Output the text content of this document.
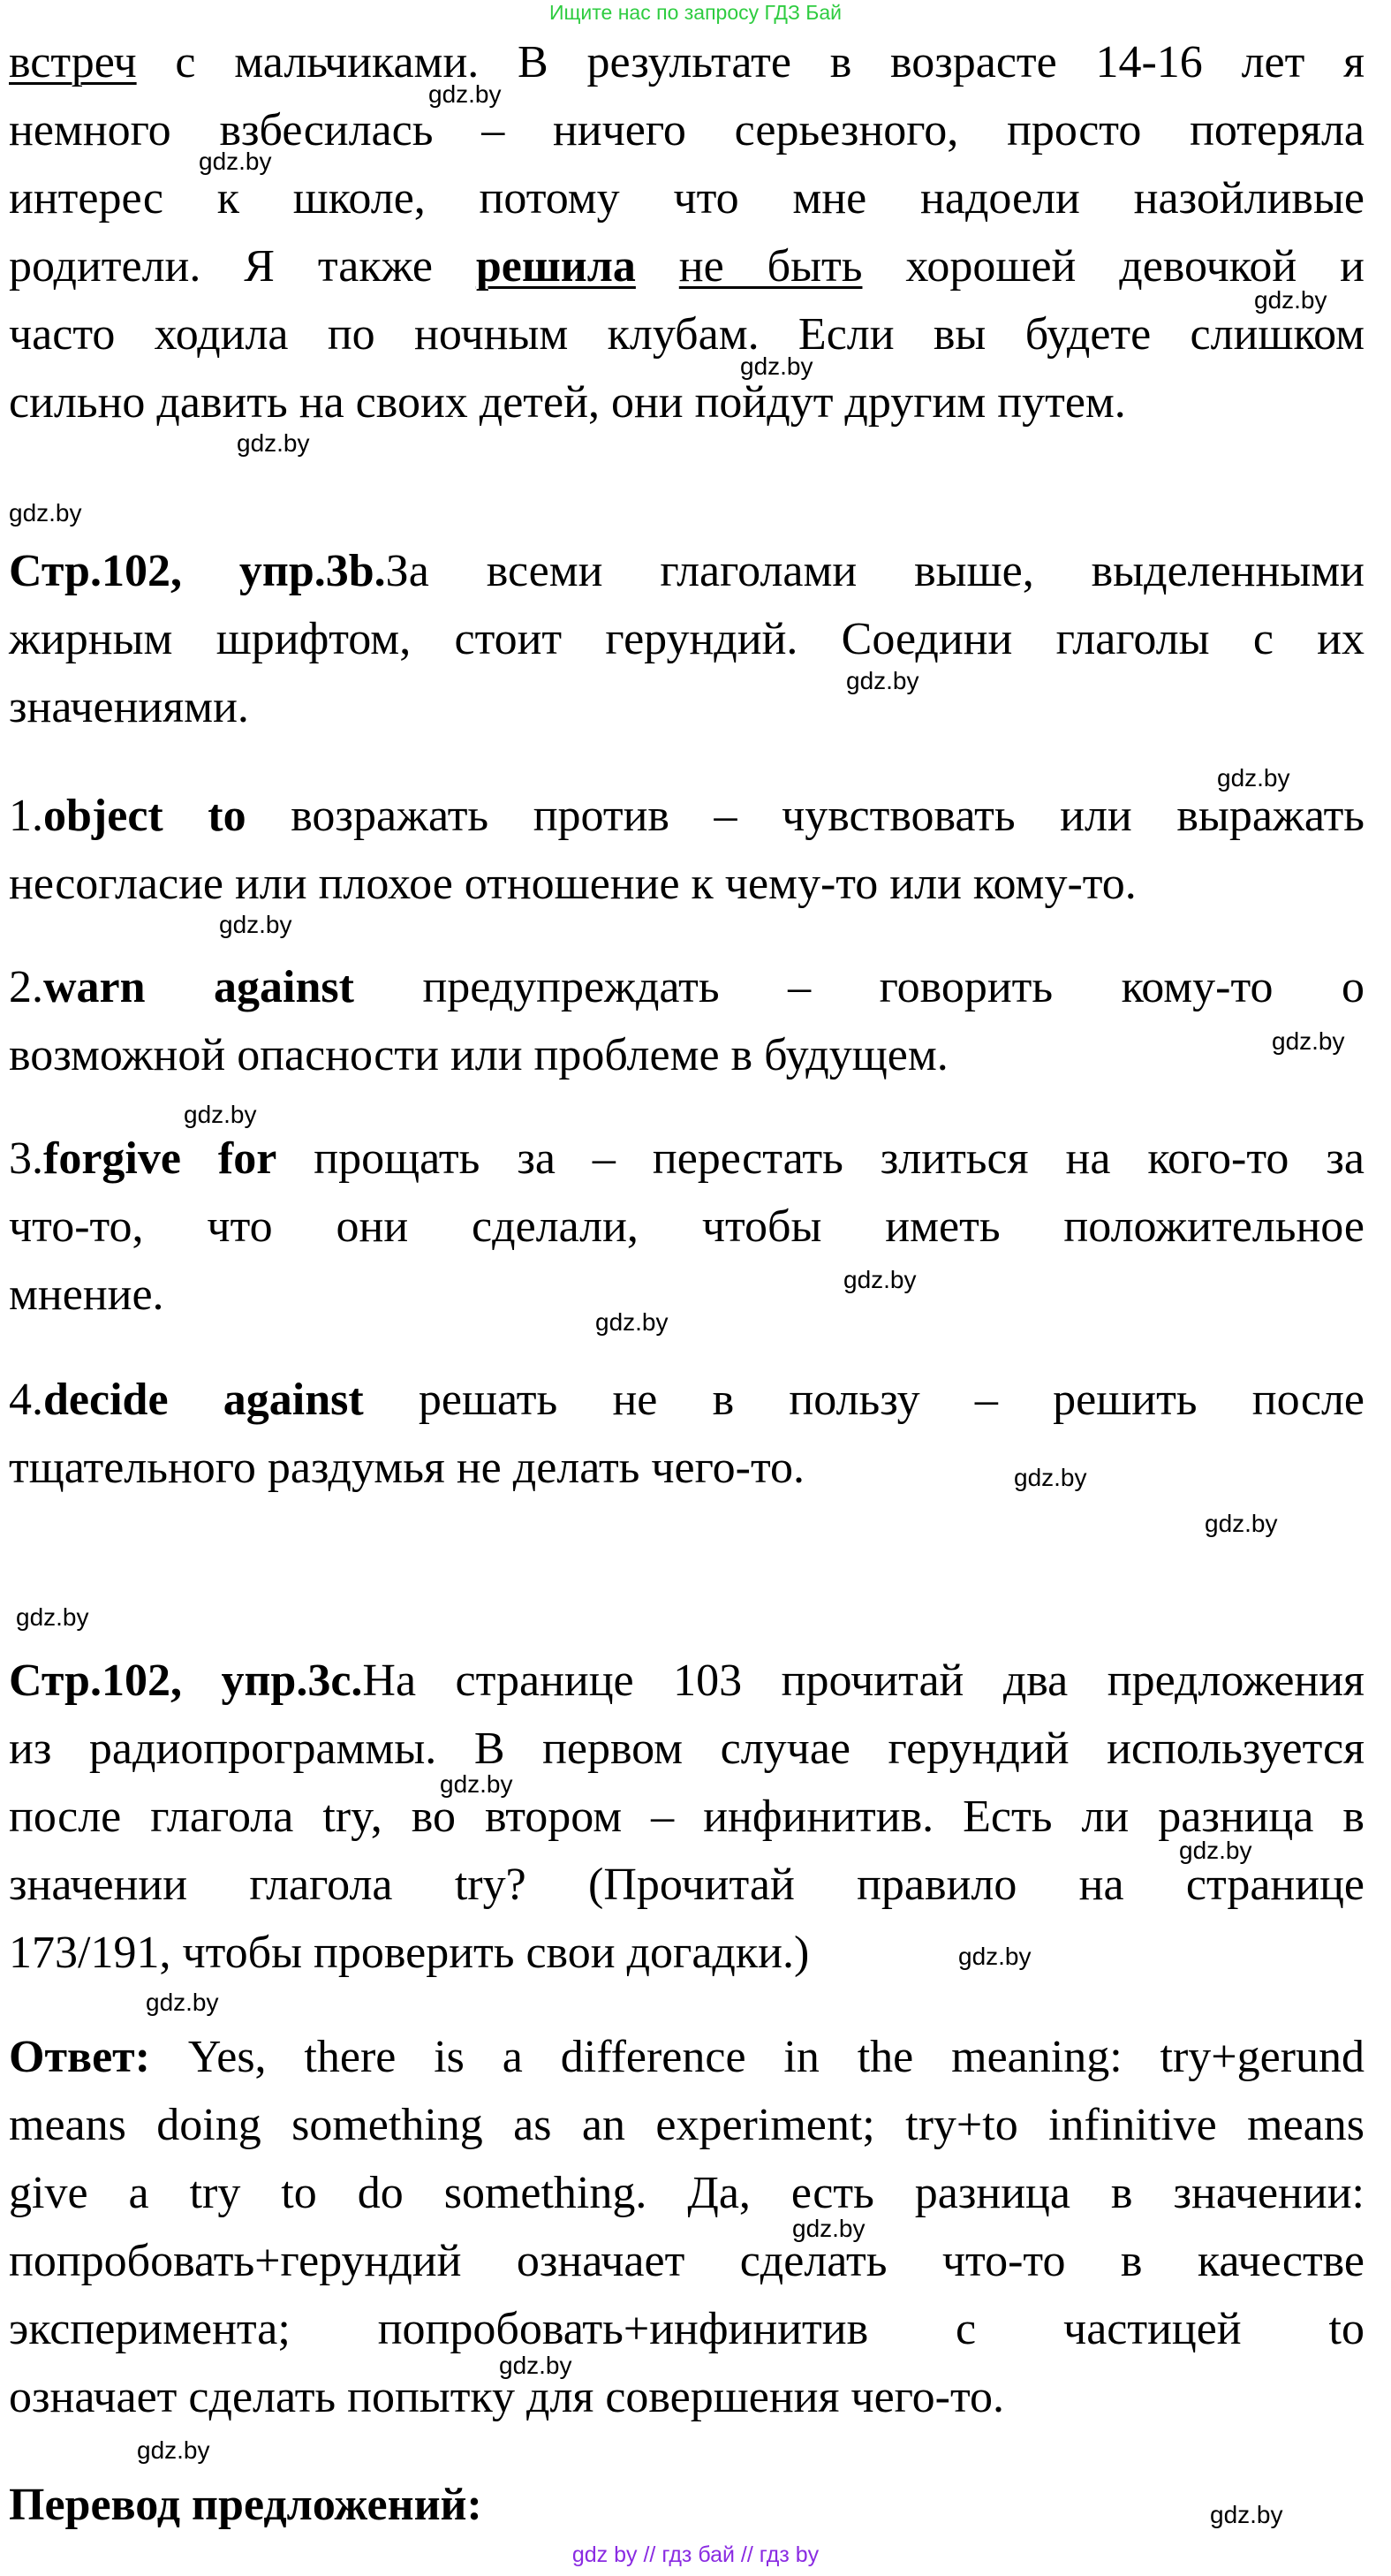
Ищите нас по запросу ГДЗ Бай
встреч с мальчиками. В результате в возрасте 14-16 лет я
немного взбесилась – ничего серьезного, просто потеряла
интерес к школе, потому что мне надоели назойливые
родители. Я также решила не быть хорошей девочкой и
часто ходила по ночным клубам. Если вы будете слишком
сильно давить на своих детей, они пойдут другим путем.
Стр.102, упр.3b.За всеми глаголами выше, выделенными
жирным шрифтом, стоит герундий. Соедини глаголы с их
значениями.
1.object to возражать против – чувствовать или выражать
несогласие или плохое отношение к чему-то или кому-то.
2.warn against предупреждать – говорить кому-то о
возможной опасности или проблеме в будущем.
3.forgive for прощать за – перестать злиться на кого-то за
что-то, что они сделали, чтобы иметь положительное
мнение.
4.decide against решать не в пользу – решить после
тщательного раздумья не делать чего-то.
Стр.102, упр.3c.На странице 103 прочитай два предложения
из радиопрограммы. В первом случае герундий используется
после глагола try, во втором – инфинитив. Есть ли разница в
значении глагола try? (Прочитай правило на странице
173/191, чтобы проверить свои догадки.)
Ответ: Yes, there is a difference in the meaning: try+gerund
means doing something as an experiment; try+to infinitive means
give a try to do something. Да, есть разница в значении:
попробовать+герундий означает сделать что-то в качестве
эксперимента; попробовать+инфинитив с частицей to
означает сделать попытку для совершения чего-то.
Перевод предложений:
gdz.by
gdz.by
gdz.by
gdz.by
gdz.by
gdz.by
gdz.by
gdz.by
gdz.by
gdz.by
gdz.by
gdz.by
gdz.by
gdz.by
gdz.by
gdz.by
gdz.by
gdz.by
gdz.by
gdz.by
gdz.by
gdz.by
gdz.by
gdz.by
gdz by // гдз бай // гдз by
